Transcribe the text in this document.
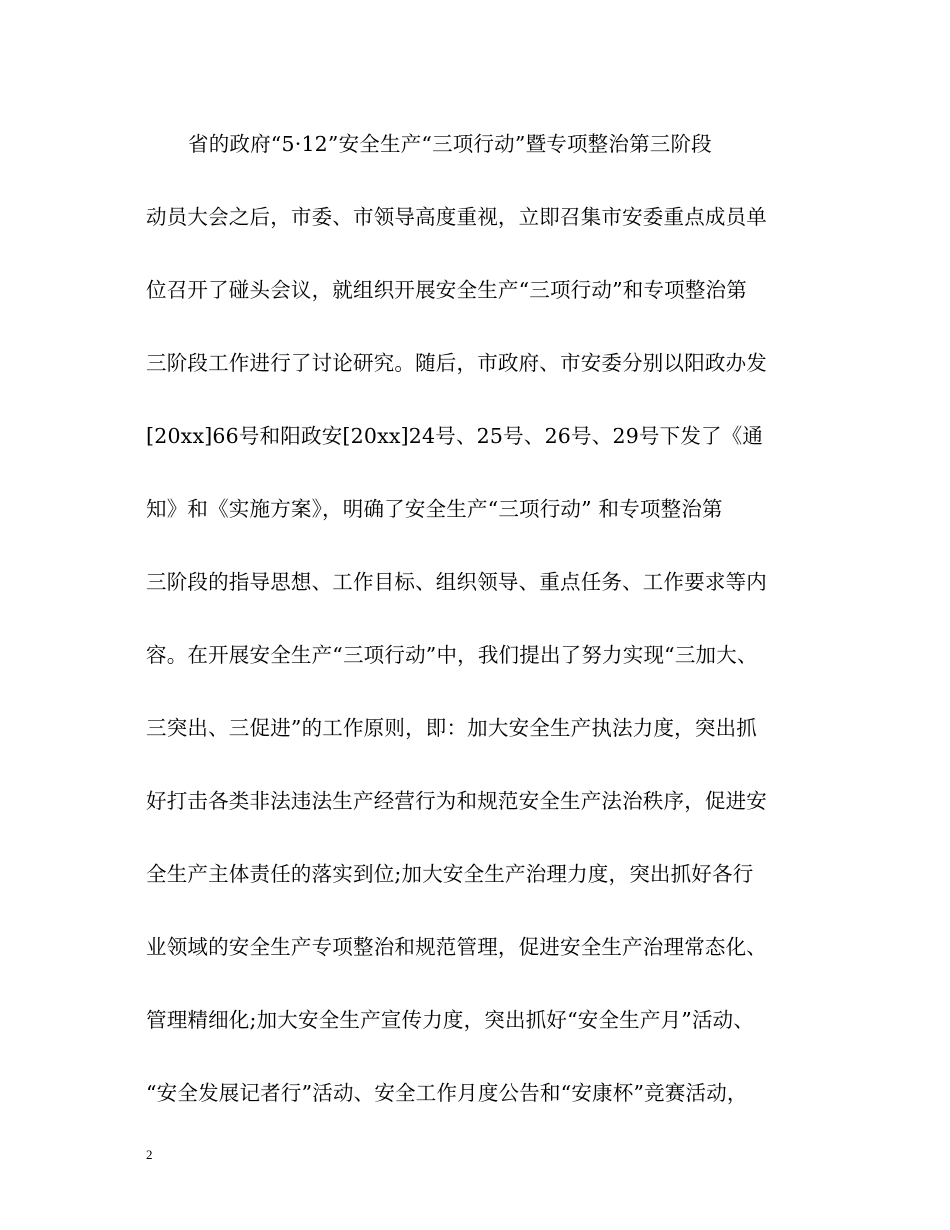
省的政府“5·12”安全生产“三项行动”暨专项整治第三阶段
动员大会之后，市委、市领导高度重视，立即召集市安委重点成员单
位召开了碰头会议，就组织开展安全生产“三项行动”和专项整治第
三阶段工作进行了讨论研究。随后，市政府、市安委分别以阳政办发
[20xx]66号和阳政安[20xx]24号、25号、26号、29号下发了《通
知》和《实施方案》，明确了安全生产“三项行动” 和专项整治第
三阶段的指导思想、工作目标、组织领导、重点任务、工作要求等内
容。在开展安全生产“三项行动”中，我们提出了努力实现“三加大、
三突出、三促进”的工作原则，即：加大安全生产执法力度，突出抓
好打击各类非法违法生产经营行为和规范安全生产法治秩序，促进安
全生产主体责任的落实到位;加大安全生产治理力度，突出抓好各行
业领域的安全生产专项整治和规范管理，促进安全生产治理常态化、
管理精细化;加大安全生产宣传力度，突出抓好“安全生产月”活动、
“安全发展记者行”活动、安全工作月度公告和“安康杯”竞赛活动，
2
